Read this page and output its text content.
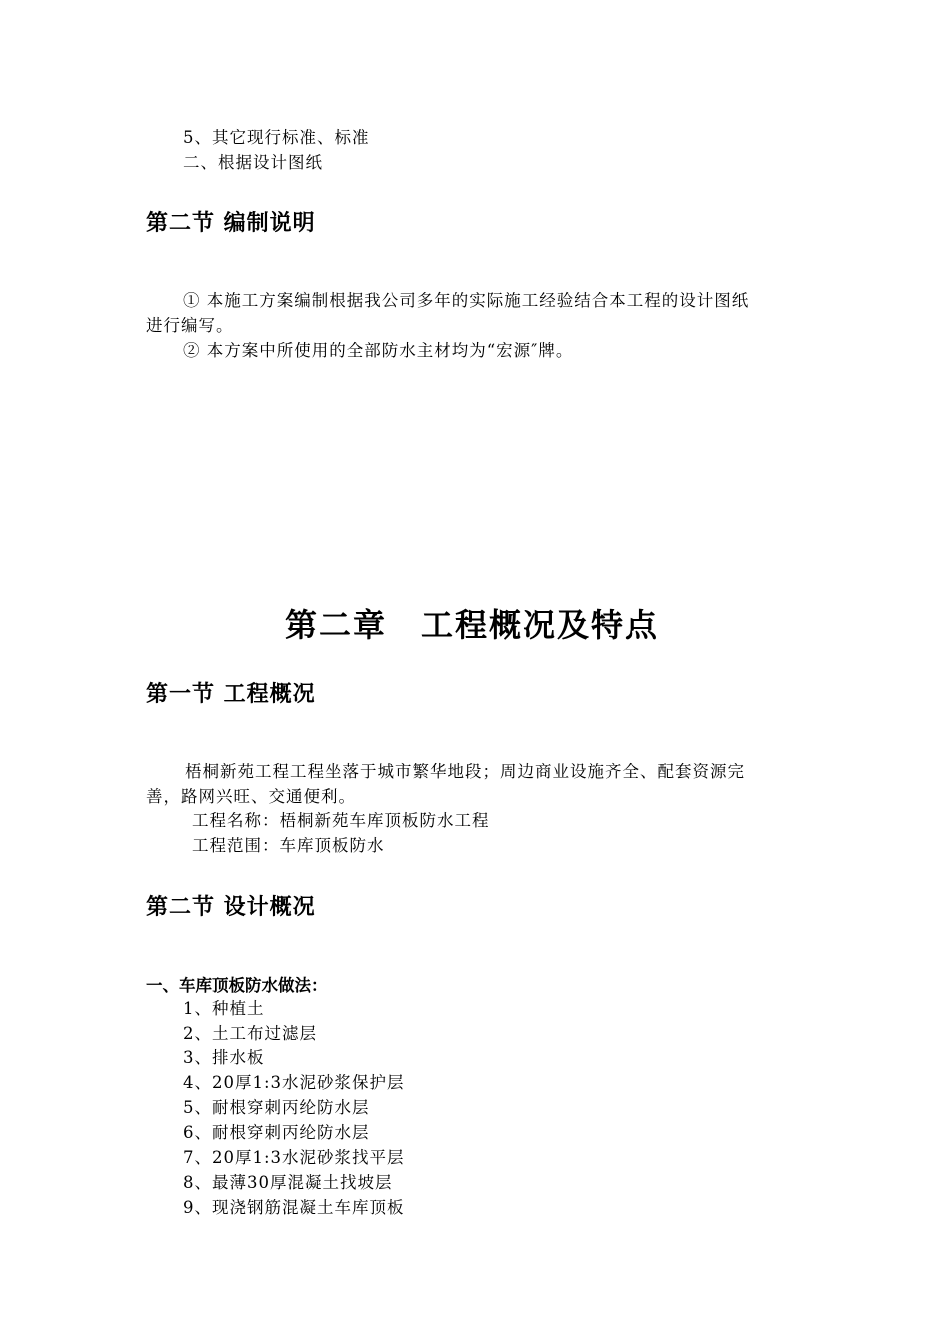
5、其它现行标准、标准
二、根据设计图纸
第二节 编制说明
① 本施工方案编制根据我公司多年的实际施工经验结合本工程的设计图纸
进行编写。
② 本方案中所使用的全部防水主材均为“宏源″牌。
第二章　工程概况及特点
第一节 工程概况
梧桐新苑工程工程坐落于城市繁华地段；周边商业设施齐全、配套资源完
善，路网兴旺、交通便利。
工程名称：梧桐新苑车库顶板防水工程
工程范围：车库顶板防水
第二节 设计概况
一、车库顶板防水做法：
1、种植土
2、土工布过滤层
3、排水板
4、20厚1:3水泥砂浆保护层
5、耐根穿刺丙纶防水层
6、耐根穿刺丙纶防水层
7、20厚1:3水泥砂浆找平层
8、最薄30厚混凝土找坡层
9、现浇钢筋混凝土车库顶板
